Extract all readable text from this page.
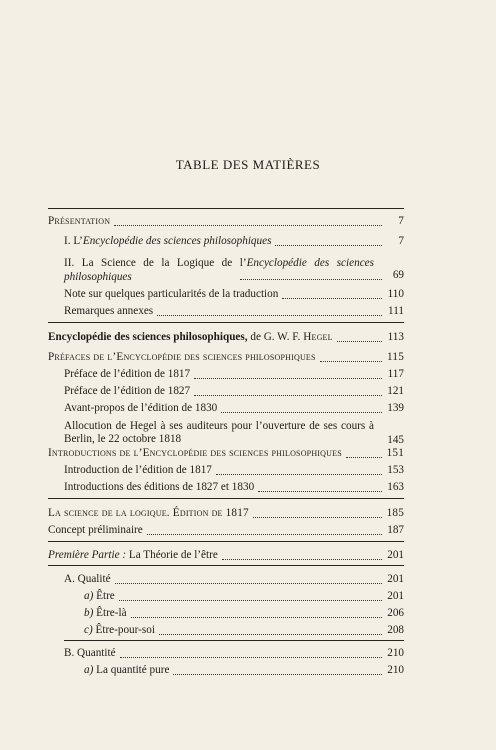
TABLE DES MATIÈRES
Présentation	7
I. L’Encyclopédie des sciences philosophiques	7
II. La Science de la Logique de l’Encyclopédie des sciences philosophiques	69
Note sur quelques particularités de la traduction	110
Remarques annexes	111
Encyclopédie des sciences philosophiques, de G. W. F. Hegel	113
Préfaces de l’Encyclopédie des sciences philosophiques	115
Préface de l’édition de 1817	117
Préface de l’édition de 1827	121
Avant-propos de l’édition de 1830	139
Allocution de Hegel à ses auditeurs pour l’ouverture de ses cours à Berlin, le 22 octobre 1818	145
Introductions de l’Encyclopédie des sciences philosophiques	151
Introduction de l’édition de 1817	153
Introductions des éditions de 1827 et 1830	163
La science de la logique. Édition de 1817	185
Concept préliminaire	187
Première Partie : La Théorie de l’être	201
A. Qualité	201
a) Être	201
b) Être-là	206
c) Être-pour-soi	208
B. Quantité	210
a) La quantité pure	210
